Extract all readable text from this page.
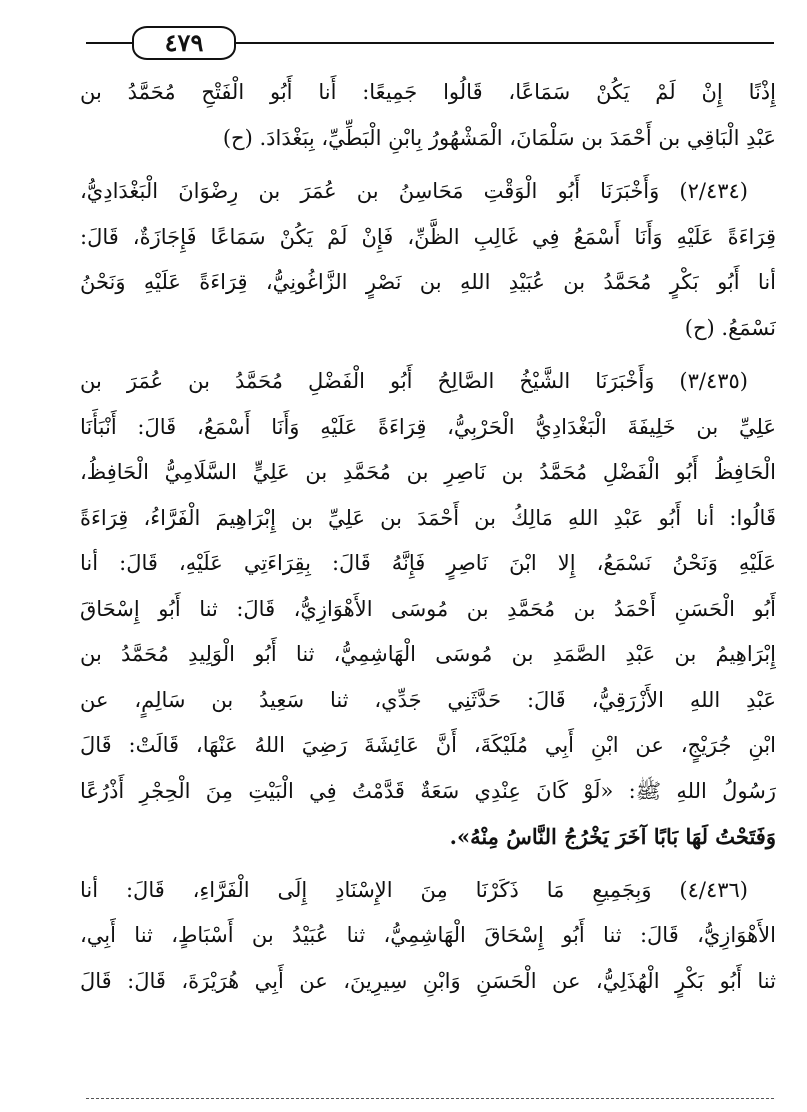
٤٧٩
إِذْنًا إِنْ لَمْ يَكُنْ سَمَاعًا، قَالُوا جَمِيعًا: أَنا أَبُو الْفَتْحِ مُحَمَّدُ بن
عَبْدِ الْبَاقِي بن أَحْمَدَ بن سَلْمَانَ، الْمَشْهُورُ بِابْنِ الْبَطِّيِّ، بِبَغْدَادَ. (ح)
(٢/٤٣٤) وَأَخْبَرَنَا أَبُو الْوَقْتِ مَحَاسِنُ بن عُمَرَ بن رِضْوَانَ الْبَغْدَادِيُّ،
قِرَاءَةً عَلَيْهِ وَأَنَا أَسْمَعُ فِي غَالِبِ الظَّنِّ، فَإِنْ لَمْ يَكُنْ سَمَاعًا فَإِجَازَةٌ، قَالَ:
أنا أَبُو بَكْرٍ مُحَمَّدُ بن عُبَيْدِ اللهِ بن نَصْرٍ الزَّاغُونِيُّ، قِرَاءَةً عَلَيْهِ وَنَحْنُ
نَسْمَعُ. (ح)
(٣/٤٣٥) وَأَخْبَرَنَا الشَّيْخُ الصَّالِحُ أَبُو الْفَضْلِ مُحَمَّدُ بن عُمَرَ بن
عَلِيِّ بن خَلِيفَةَ الْبَغْدَادِيُّ الْحَرْبِيُّ، قِرَاءَةً عَلَيْهِ وَأَنَا أَسْمَعُ، قَالَ: أَنْبَأَنَا
الْحَافِظُ أَبُو الْفَضْلِ مُحَمَّدُ بن نَاصِرِ بن مُحَمَّدِ بن عَلِيٍّ السَّلَامِيُّ الْحَافِظُ،
قَالُوا: أنا أَبُو عَبْدِ اللهِ مَالِكُ بن أَحْمَدَ بن عَلِيِّ بن إِبْرَاهِيمَ الْفَرَّاءُ، قِرَاءَةً
عَلَيْهِ وَنَحْنُ نَسْمَعُ، إِلا ابْنَ نَاصِرٍ فَإِنَّهُ قَالَ: بِقِرَاءَتِي عَلَيْهِ، قَالَ: أنا
أَبُو الْحَسَنِ أَحْمَدُ بن مُحَمَّدِ بن مُوسَى الأَهْوَازِيُّ، قَالَ: ثنا أَبُو إِسْحَاقَ
إِبْرَاهِيمُ بن عَبْدِ الصَّمَدِ بن مُوسَى الْهَاشِمِيُّ، ثنا أَبُو الْوَلِيدِ مُحَمَّدُ بن
عَبْدِ اللهِ الأَزْرَقِيُّ، قَالَ: حَدَّثَنِي جَدِّي، ثنا سَعِيدُ بن سَالِمٍ، عن
ابْنِ جُرَيْجٍ، عن ابْنِ أَبِي مُلَيْكَةَ، أَنَّ عَائِشَةَ رَضِيَ اللهُ عَنْهَا، قَالَتْ: قَالَ
رَسُولُ اللهِ ﷺ: «لَوْ كَانَ عِنْدِي سَعَةٌ قَدَّمْتُ فِي الْبَيْتِ مِنَ الْحِجْرِ أَذْرُعًا
وَفَتَحْتُ لَهَا بَابًا آخَرَ يَخْرُجُ النَّاسُ مِنْهُ».
(٤/٤٣٦) وَبِجَمِيعِ مَا ذَكَرْنَا مِنَ الإِسْنَادِ إِلَى الْفَرَّاءِ، قَالَ: أنا
الأَهْوَازِيُّ، قَالَ: ثنا أَبُو إِسْحَاقَ الْهَاشِمِيُّ، ثنا عُبَيْدُ بن أَسْبَاطٍ، ثنا أَبِي،
ثنا أَبُو بَكْرٍ الْهُذَلِيُّ، عن الْحَسَنِ وَابْنِ سِيرِينَ، عن أَبِي هُرَيْرَةَ، قَالَ: قَالَ
